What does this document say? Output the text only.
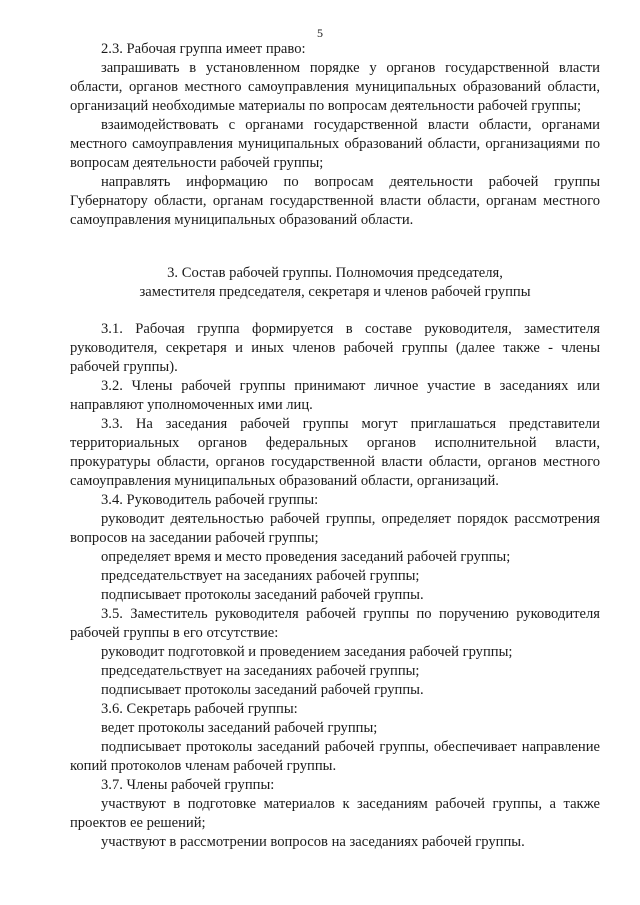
5

2.3. Рабочая группа имеет право:

запрашивать в установленном порядке у органов государственной власти области, органов местного самоуправления муниципальных образований области, организаций необходимые материалы по вопросам деятельности рабочей группы;

взаимодействовать с органами государственной власти области, органами местного самоуправления муниципальных образований области, организациями по вопросам деятельности рабочей группы;

направлять информацию по вопросам деятельности рабочей группы Губернатору области, органам государственной власти области, органам местного самоуправления муниципальных образований области.

3. Состав рабочей группы. Полномочия председателя,

заместителя председателя, секретаря и членов рабочей группы

3.1. Рабочая группа формируется в составе руководителя, заместителя руководителя, секретаря и иных членов рабочей группы (далее также - члены рабочей группы).

3.2. Члены рабочей группы принимают личное участие в заседаниях или направляют уполномоченных ими лиц.

3.3. На заседания рабочей группы могут приглашаться представители территориальных органов федеральных органов исполнительной власти, прокуратуры области, органов государственной власти области, органов местного самоуправления муниципальных образований области, организаций.

3.4. Руководитель рабочей группы:

руководит деятельностью рабочей группы, определяет порядок рассмотрения вопросов на заседании рабочей группы;

определяет время и место проведения заседаний рабочей группы;

председательствует на заседаниях рабочей группы;

подписывает протоколы заседаний рабочей группы.

3.5. Заместитель руководителя рабочей группы по поручению руководителя рабочей группы в его отсутствие:

руководит подготовкой и проведением заседания рабочей группы;

председательствует на заседаниях рабочей группы;

подписывает протоколы заседаний рабочей группы.

3.6. Секретарь рабочей группы:

ведет протоколы заседаний рабочей группы;

подписывает протоколы заседаний рабочей группы, обеспечивает направление копий протоколов членам рабочей группы.

3.7. Члены рабочей группы:

участвуют в подготовке материалов к заседаниям рабочей группы, а также проектов ее решений;

участвуют в рассмотрении вопросов на заседаниях рабочей группы.
